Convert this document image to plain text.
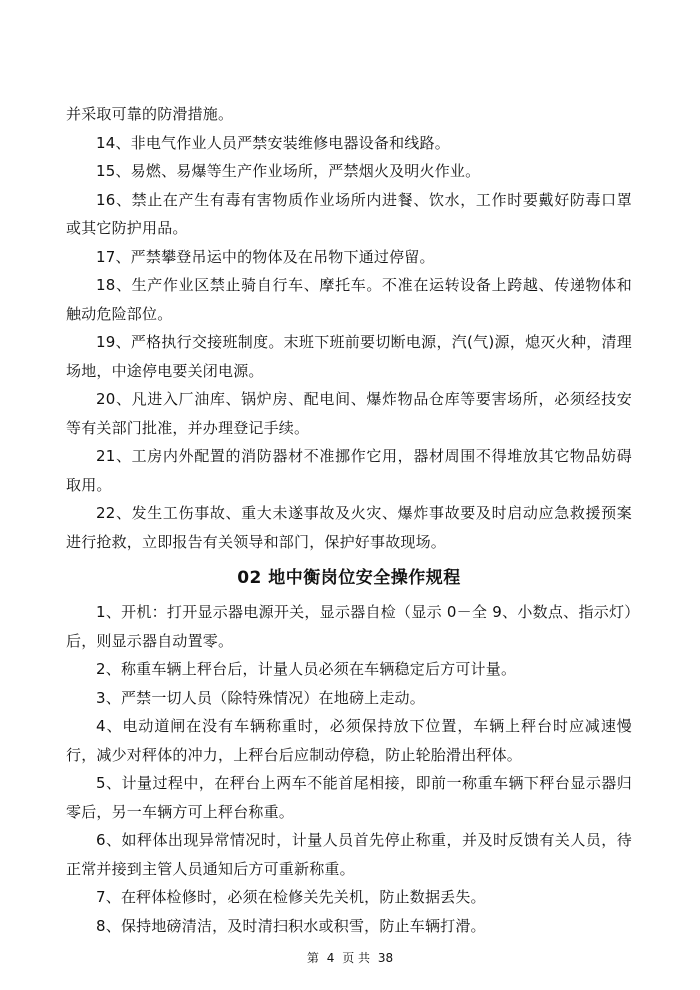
并采取可靠的防滑措施。

14、非电气作业人员严禁安装维修电器设备和线路。

15、易燃、易爆等生产作业场所，严禁烟火及明火作业。

16、禁止在产生有毒有害物质作业场所内进餐、饮水，工作时要戴好防毒口罩或其它防护用品。

17、严禁攀登吊运中的物体及在吊物下通过停留。

18、生产作业区禁止骑自行车、摩托车。不准在运转设备上跨越、传递物体和触动危险部位。

19、严格执行交接班制度。末班下班前要切断电源，汽(气)源，熄灭火种，清理场地，中途停电要关闭电源。

20、凡进入厂油库、锅炉房、配电间、爆炸物品仓库等要害场所，必须经技安等有关部门批准，并办理登记手续。

21、工房内外配置的消防器材不准挪作它用，器材周围不得堆放其它物品妨碍取用。

22、发生工伤事故、重大未遂事故及火灾、爆炸事故要及时启动应急救援预案进行抢救，立即报告有关领导和部门，保护好事故现场。

02 地中衡岗位安全操作规程

1、开机：打开显示器电源开关，显示器自检（显示 0－全 9、小数点、指示灯）后，则显示器自动置零。

2、称重车辆上秤台后，计量人员必须在车辆稳定后方可计量。

3、严禁一切人员（除特殊情况）在地磅上走动。

4、电动道闸在没有车辆称重时，必须保持放下位置，车辆上秤台时应减速慢行，减少对秤体的冲力，上秤台后应制动停稳，防止轮胎滑出秤体。

5、计量过程中，在秤台上两车不能首尾相接，即前一称重车辆下秤台显示器归零后，另一车辆方可上秤台称重。

6、如秤体出现异常情况时，计量人员首先停止称重，并及时反馈有关人员，待正常并接到主管人员通知后方可重新称重。

7、在秤体检修时，必须在检修关先关机，防止数据丢失。

8、保持地磅清洁，及时清扫积水或积雪，防止车辆打滑。

第 4 页 共 38
